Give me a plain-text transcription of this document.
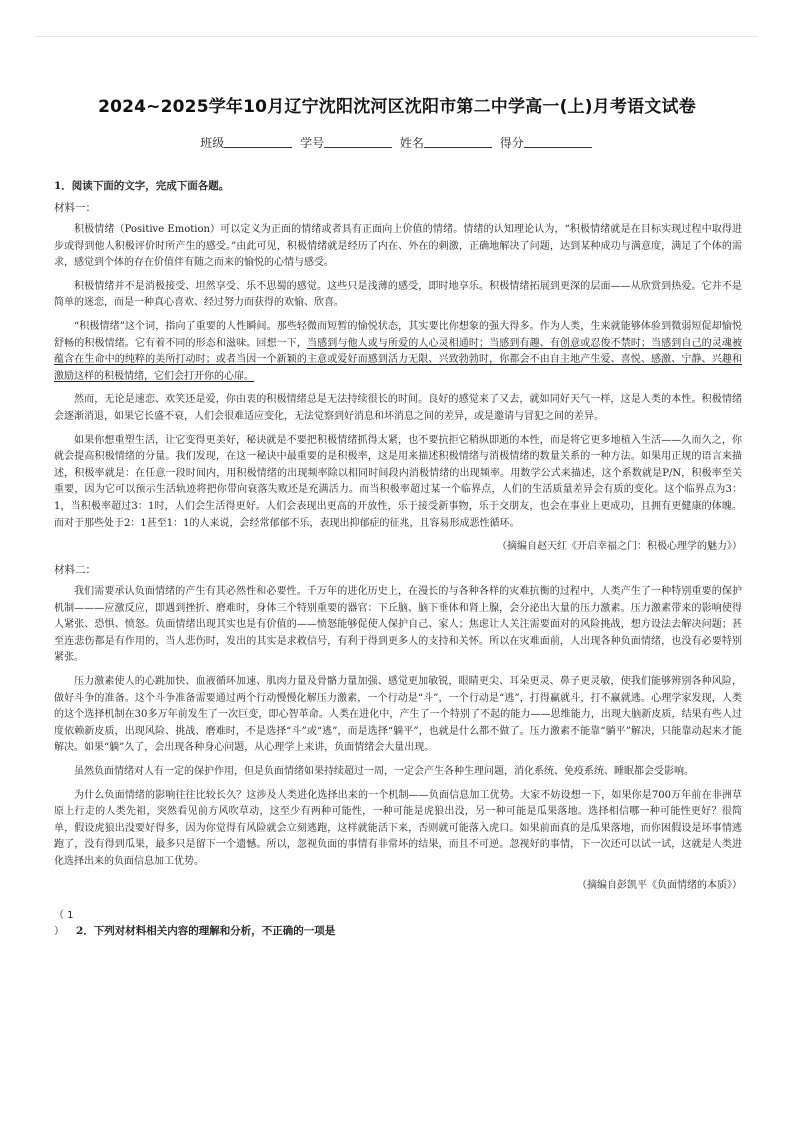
2024~2025学年10月辽宁沈阳沈河区沈阳市第二中学高一(上)月考语文试卷
班级	学号	姓名	得分
1．阅读下面的文字，完成下面各题。
材料一：

积极情绪（Positive Emotion）可以定义为正面的情绪或者具有正面向上价值的情绪。情绪的认知理论认为，“积极情绪就是在目标实现过程中取得进步或得到他人积极评价时所产生的感受。”由此可见，积极情绪就是经历了内在、外在的刺激，正确地解决了问题，达到某种成功与满意度，满足了个体的需求，感觉到个体的存在价值伴有随之而来的愉悦的心情与感受。

积极情绪并不是消极接受、坦然享受、乐不思蜀的感觉。这些只是浅薄的感受，即时地享乐。积极情绪拓展到更深的层面——从欣赏到热爱。它并不是简单的迷恋，而是一种真心喜欢、经过努力而获得的欢愉、欣喜。

“积极情绪”这个词，指向了重要的人性瞬间。那些轻微而短暂的愉悦状态，其实要比你想象的强大得多。作为人类，生来就能够体验到微弱短促却愉悦舒畅的积极情绪。它有着不同的形态和滋味。回想一下，当感到与他人或与所爱的人心灵相通时；当感到有趣、有创意或忍俊不禁时；当感到自己的灵魂被蕴含在生命中的纯粹的美所打动时；或者当因一个新颖的主意或爱好而感到活力无限、兴致勃勃时，你都会不由自主地产生爱、喜悦、感激、宁静、兴趣和激励这样的积极情绪，它们会打开你的心扉。

然而，无论是速恋、欢笑还是爱，你由衷的积极情绪总是无法持续很长的时间。良好的感觉来了又去，就如同好天气一样，这是人类的本性。积极情绪会逐渐消退，如果它长盛不衰，人们会很难适应变化，无法觉察到好消息和坏消息之间的差异，或是邀请与冒犯之间的差异。

如果你想重塑生活，让它变得更美好，秘诀就是不要把积极情绪抓得太紧，也不要抗拒它稍纵即逝的本性，而是将它更多地植入生活——久而久之，你就会提高积极情绪的分量。我们发现，在这一秘诀中最重要的是积极率，这是用来描述积极情绪与消极情绪的数量关系的一种方法。如果用正规的语言来描述，积极率就是：在任意一段时间内，用积极情绪的出现频率除以相同时间段内消极情绪的出现频率。用数学公式来描述，这个系数就是P/N，积极率至关重要，因为它可以预示生活轨迹将把你带向衰落失败还是充满活力。而当积极率超过某一个临界点，人们的生活质量差异会有质的变化。这个临界点为3：1，当积极率超过3：1时，人们会生活得更好。人们会表现出更高的开放性，乐于接受新事物，乐于交朋友，也会在事业上更成功，且拥有更健康的体魄。而对于那些处于2：1甚至1：1的人来说，会经常郁郁不乐，表现出抑郁症的征兆，且容易形成恶性循环。

（摘编自赵天红《开启幸福之门：积极心理学的魅力》）
材料二：

我们需要承认负面情绪的产生有其必然性和必要性。千万年的进化历史上，在漫长的与各种各样的灾难抗衡的过程中，人类产生了一种特别重要的保护机制———应激反应，即遇到挫折、磨难时，身体三个特别重要的器官：下丘脑、脑下垂体和肾上腺，会分泌出大量的压力激素。压力激素带来的影响使得人紧张、恐惧、愤怒。负面情绪出现其实也是有价值的——愤怒能够促使人保护自己、家人；焦虑让人关注需要面对的风险挑战，想方设法去解决问题；甚至连悲伤都是有作用的，当人悲伤时，发出的其实是求救信号，有利于得到更多人的支持和关怀。所以在灾难面前，人出现各种负面情绪，也没有必要特别紧张。

压力激素使人的心跳加快、血液循环加速、肌肉力量及骨骼力量加强、感觉更加敏锐，眼睛更尖、耳朵更灵、鼻子更灵敏，使我们能够辨别各种风险，做好斗争的准备。这个斗争准备需要通过两个行动慢慢化解压力激素，一个行动是“斗”，一个行动是“逃”，打得赢就斗，打不赢就逃。心理学家发现，人类的这个选择机制在30多万年前发生了一次巨变，即心智革命。人类在进化中，产生了一个特别了不起的能力——思维能力，出现大脑新皮质，结果有些人过度依赖新皮质，出现风险、挑战、磨难时，不是选择“斗”或“逃”，而是选择“躺平”，也就是什么都不做了。压力激素不能靠“躺平”解决，只能靠动起来才能解决。如果“躺”久了，会出现各种身心问题，从心理学上来讲，负面情绪会大量出现。

虽然负面情绪对人有一定的保护作用，但是负面情绪如果持续超过一周，一定会产生各种生理问题，消化系统、免疫系统、睡眠都会受影响。

为什么负面情绪的影响往往比较长久？这涉及人类进化选择出来的一个机制——负面信息加工优势。大家不妨设想一下，如果你是700万年前在非洲草原上行走的人类先祖，突然看见前方风吹草动，这至少有两种可能性，一种可能是虎狼出没，另一种可能是瓜果落地。选择相信哪一种可能性更好？很简单，假设虎狼出没要好得多，因为你觉得有风险就会立刻逃跑，这样就能活下来，否则就可能落入虎口。如果前面真的是瓜果落地，而你困假设是坏事情逃跑了，没有得到瓜果，最多只是留下一个遗憾。所以，忽视负面的事情有非常坏的结果，而且不可逆。忽视好的事情，下一次还可以试一试，这就是人类进化选择出来的负面信息加工优势。

（摘编自彭凯平《负面情绪的本质》）
（ 1 ） 2．下列对材料相关内容的理解和分析，不正确的一项是
